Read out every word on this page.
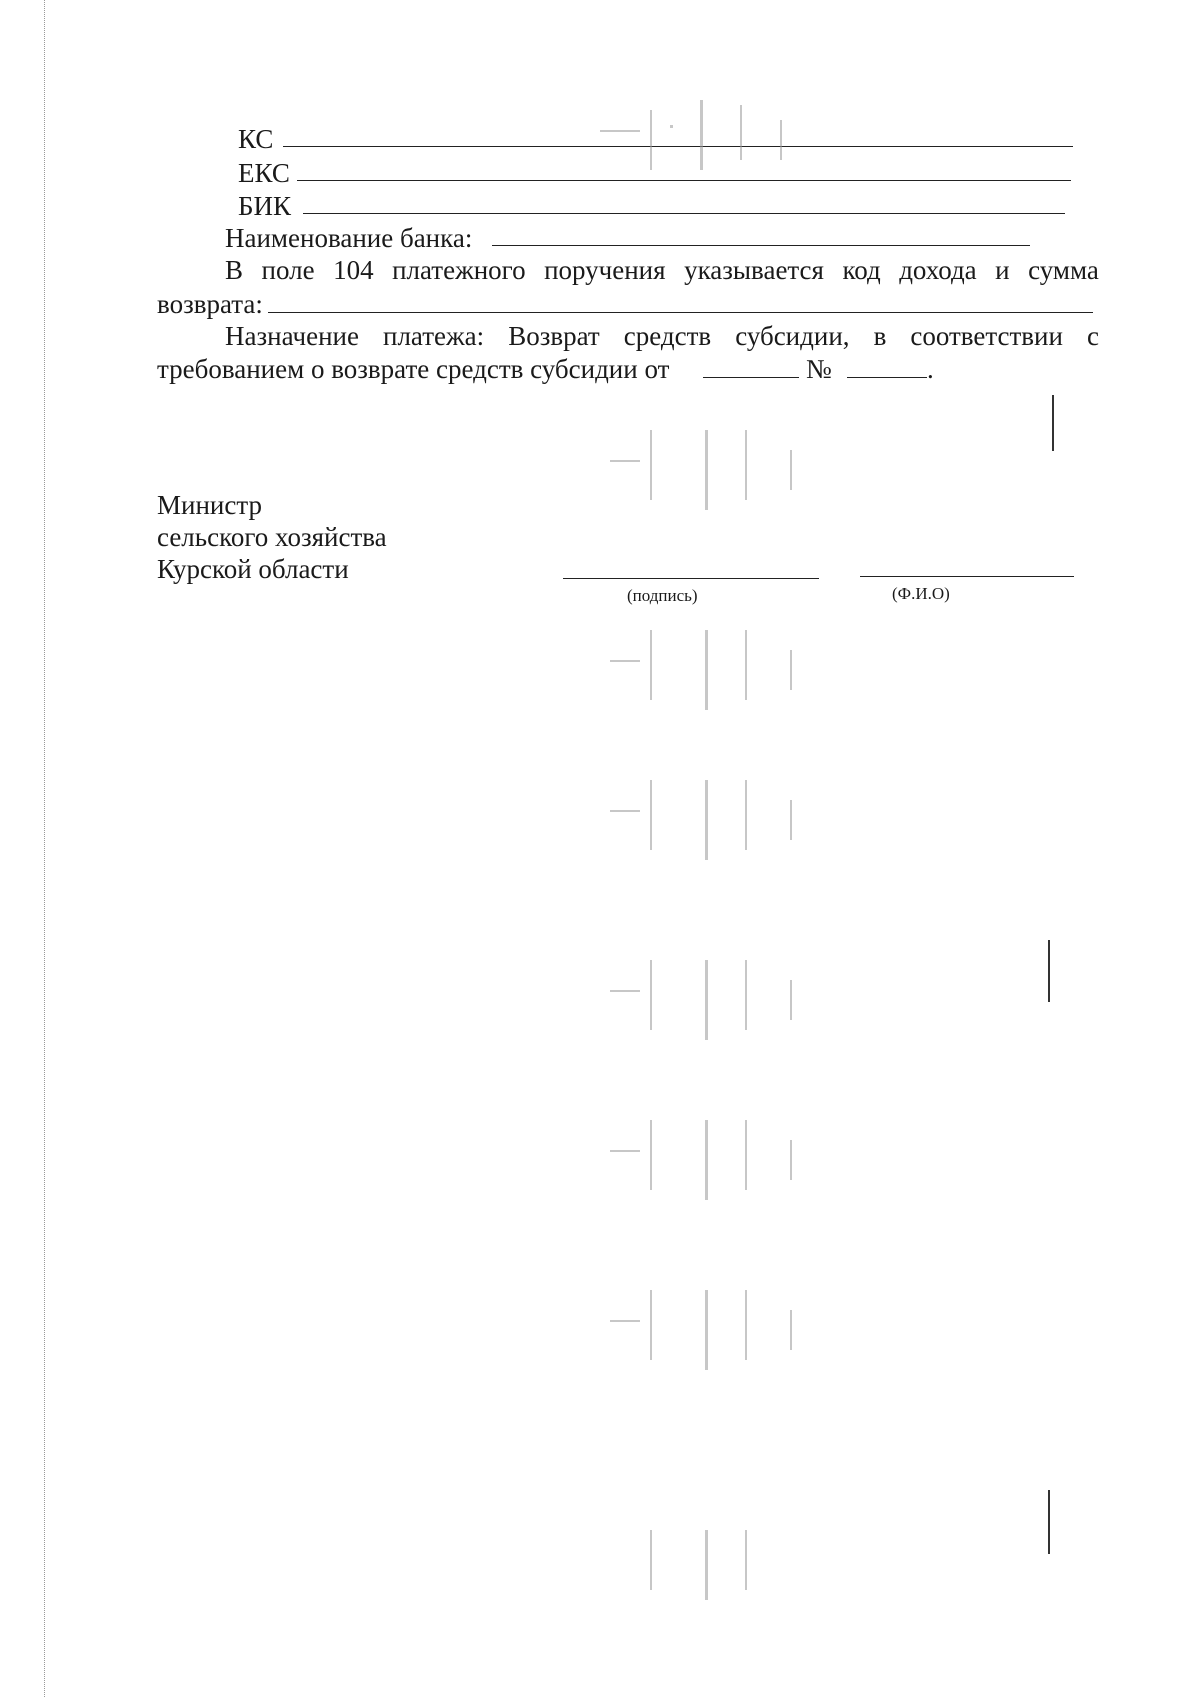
КС
ЕКС
БИК
Наименование банка:
В поле 104 платежного поручения указывается код дохода и сумма
возврата:
Назначение платежа: Возврат средств субсидии, в соответствии с
требованием о возврате средств субсидии от	№	.
Министр
сельского хозяйства
Курской области
(подпись)	(Ф.И.О)
